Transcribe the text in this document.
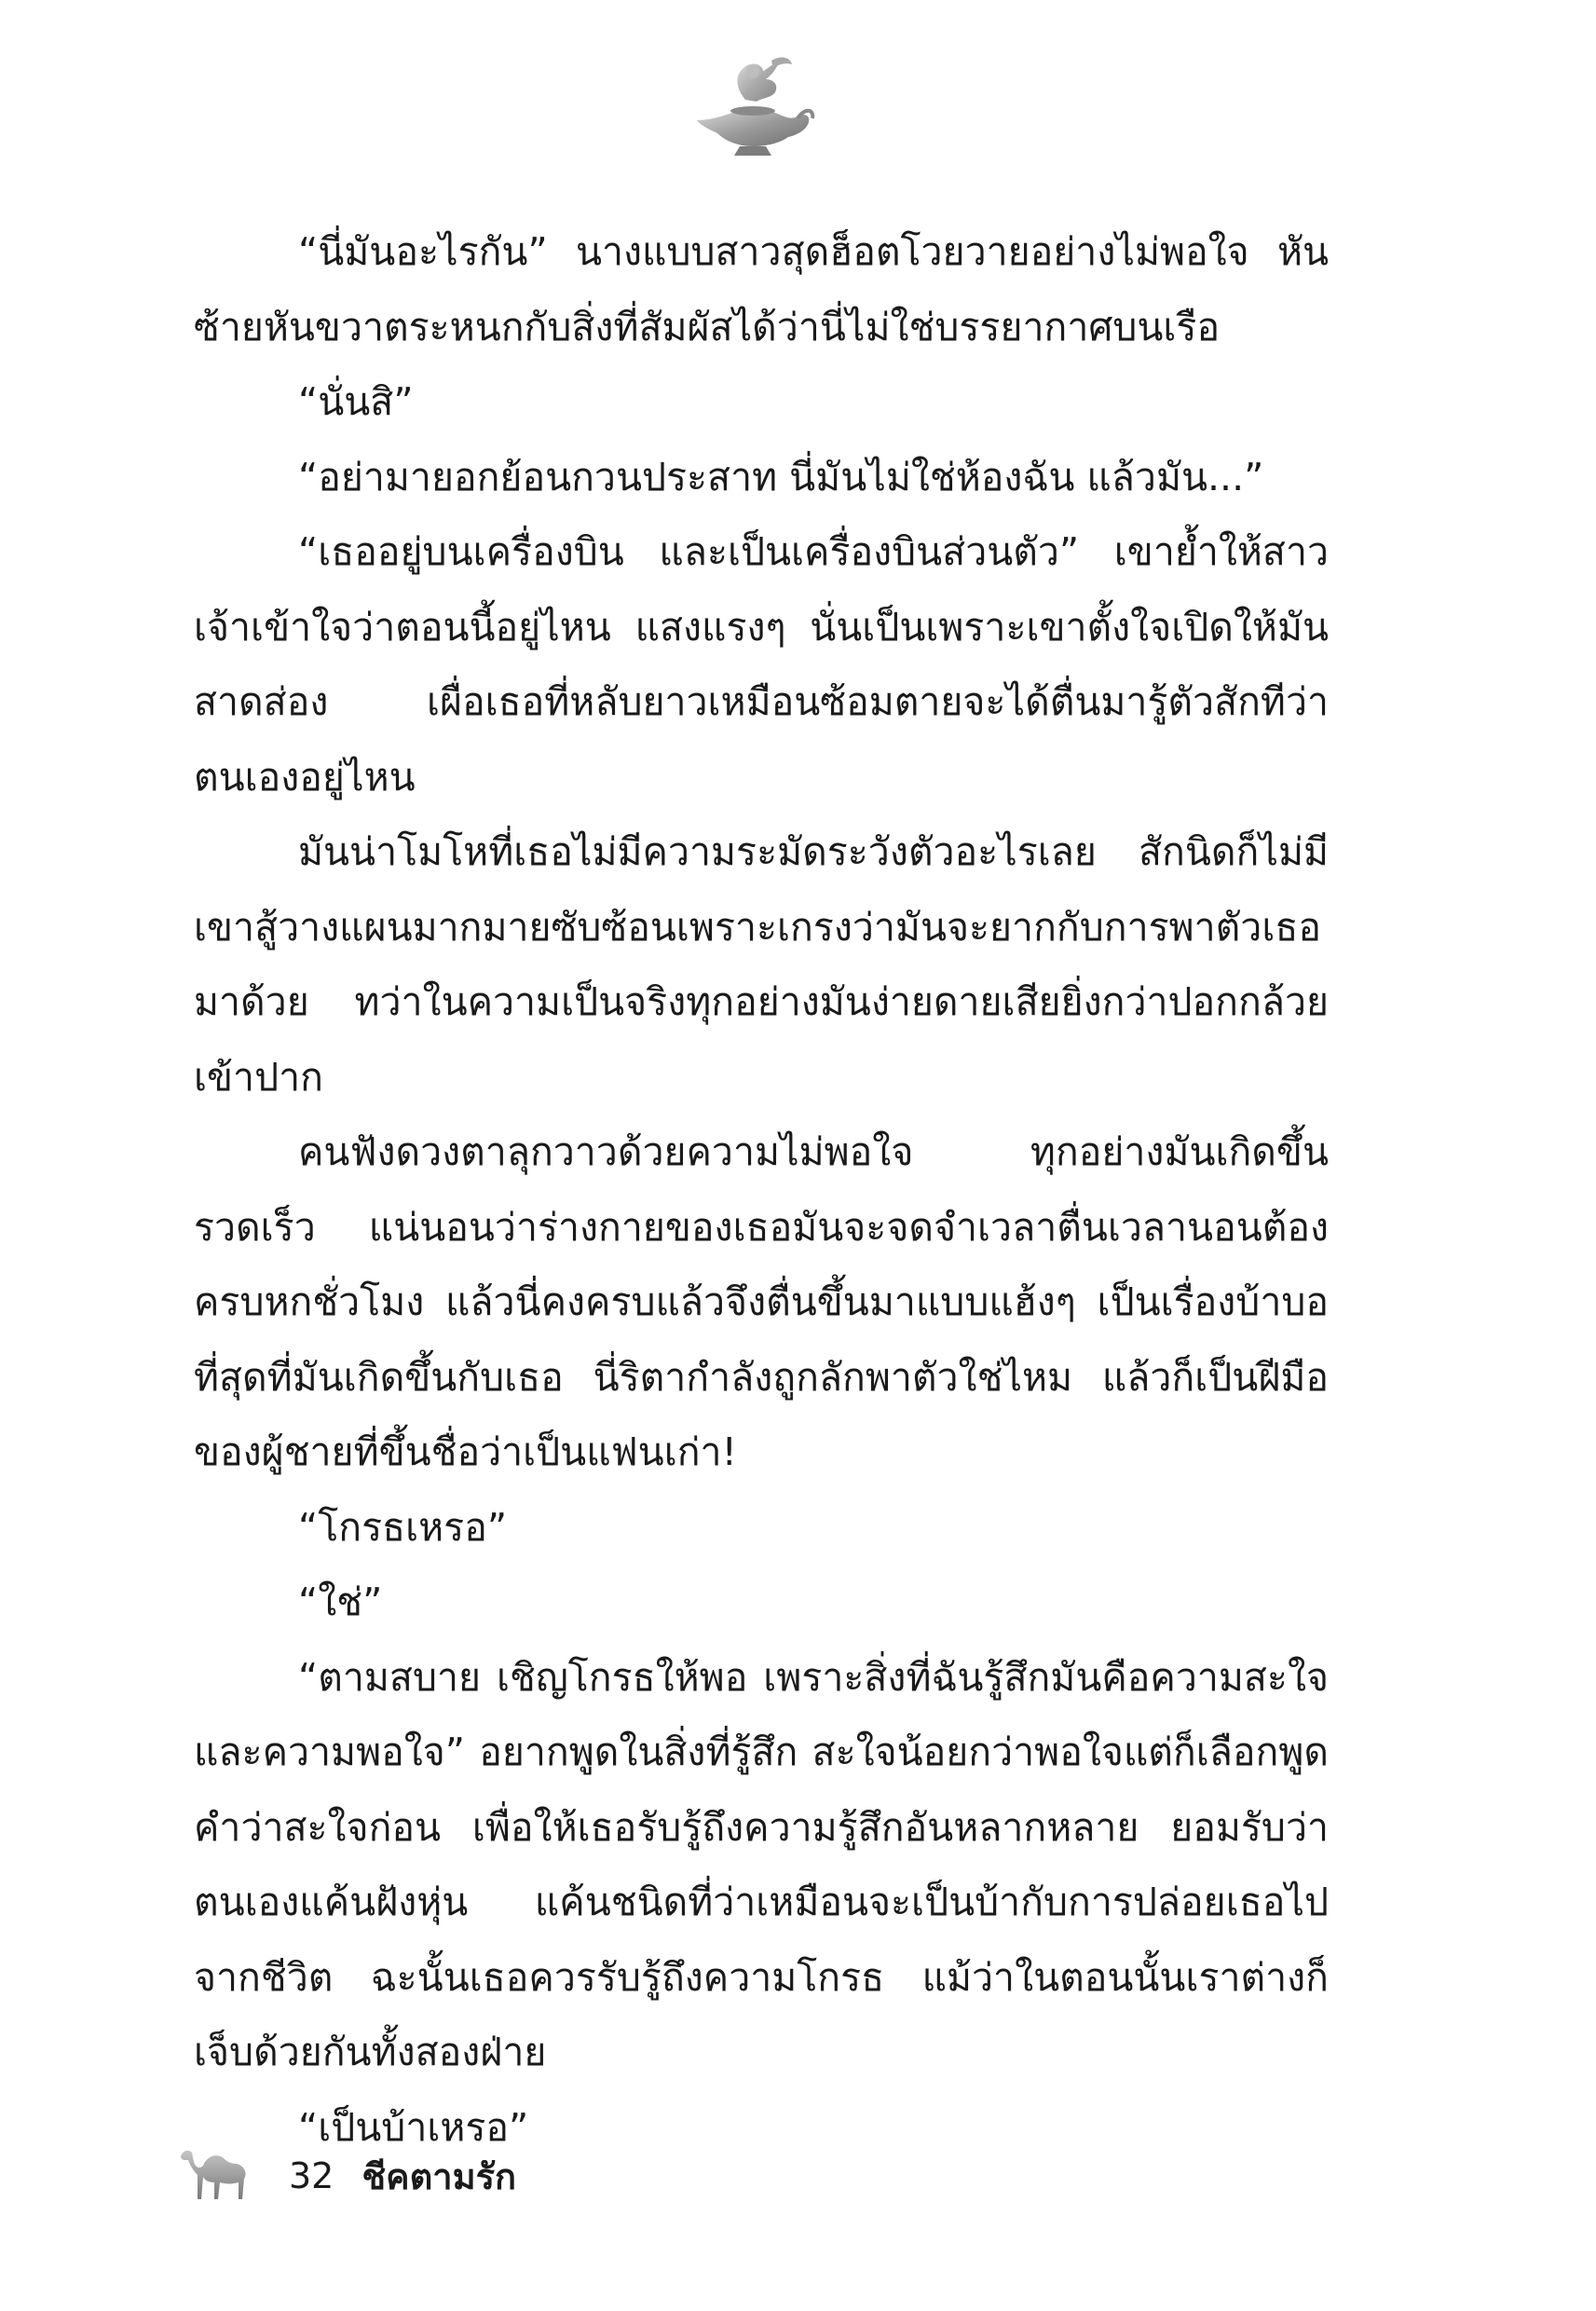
“นี่มันอะไรกัน” นางแบบสาวสุดฮ็อตโวยวายอย่างไม่พอใจ หันซ้ายหันขวาตระหนกกับสิ่งที่สัมผัสได้ว่านี่ไม่ใช่บรรยากาศบนเรือ

“นั่นสิ”

“อย่ามายอกย้อนกวนประสาท นี่มันไม่ใช่ห้องฉัน แล้วมัน...”

“เธออยู่บนเครื่องบิน และเป็นเครื่องบินส่วนตัว” เขาย้ำให้สาวเจ้าเข้าใจว่าตอนนี้อยู่ไหน แสงแรงๆ นั่นเป็นเพราะเขาตั้งใจเปิดให้มันสาดส่อง เผื่อเธอที่หลับยาวเหมือนซ้อมตายจะได้ตื่นมารู้ตัวสักทีว่าตนเองอยู่ไหน

มันน่าโมโหที่เธอไม่มีความระมัดระวังตัวอะไรเลย สักนิดก็ไม่มี เขาสู้วางแผนมากมายซับซ้อนเพราะเกรงว่ามันจะยากกับการพาตัวเธอมาด้วย ทว่าในความเป็นจริงทุกอย่างมันง่ายดายเสียยิ่งกว่าปอกกล้วยเข้าปาก

คนฟังดวงตาลุกวาวด้วยความไม่พอใจ ทุกอย่างมันเกิดขึ้นรวดเร็ว แน่นอนว่าร่างกายของเธอมันจะจดจำเวลาตื่นเวลานอนต้องครบหกชั่วโมง แล้วนี่คงครบแล้วจึงตื่นขึ้นมาแบบแฮ้งๆ เป็นเรื่องบ้าบอที่สุดที่มันเกิดขึ้นกับเธอ นี่ริตากำลังถูกลักพาตัวใช่ไหม แล้วก็เป็นฝีมือของผู้ชายที่ขึ้นชื่อว่าเป็นแฟนเก่า!

“โกรธเหรอ”

“ใช่”

“ตามสบาย เชิญโกรธให้พอ เพราะสิ่งที่ฉันรู้สึกมันคือความสะใจและความพอใจ” อยากพูดในสิ่งที่รู้สึก สะใจน้อยกว่าพอใจแต่ก็เลือกพูดคำว่าสะใจก่อน เพื่อให้เธอรับรู้ถึงความรู้สึกอันหลากหลาย ยอมรับว่าตนเองแค้นฝังหุ่น แค้นชนิดที่ว่าเหมือนจะเป็นบ้ากับการปล่อยเธอไปจากชีวิต ฉะนั้นเธอควรรับรู้ถึงความโกรธ แม้ว่าในตอนนั้นเราต่างก็เจ็บด้วยกันทั้งสองฝ่าย

“เป็นบ้าเหรอ”

32 ชีคตามรัก
